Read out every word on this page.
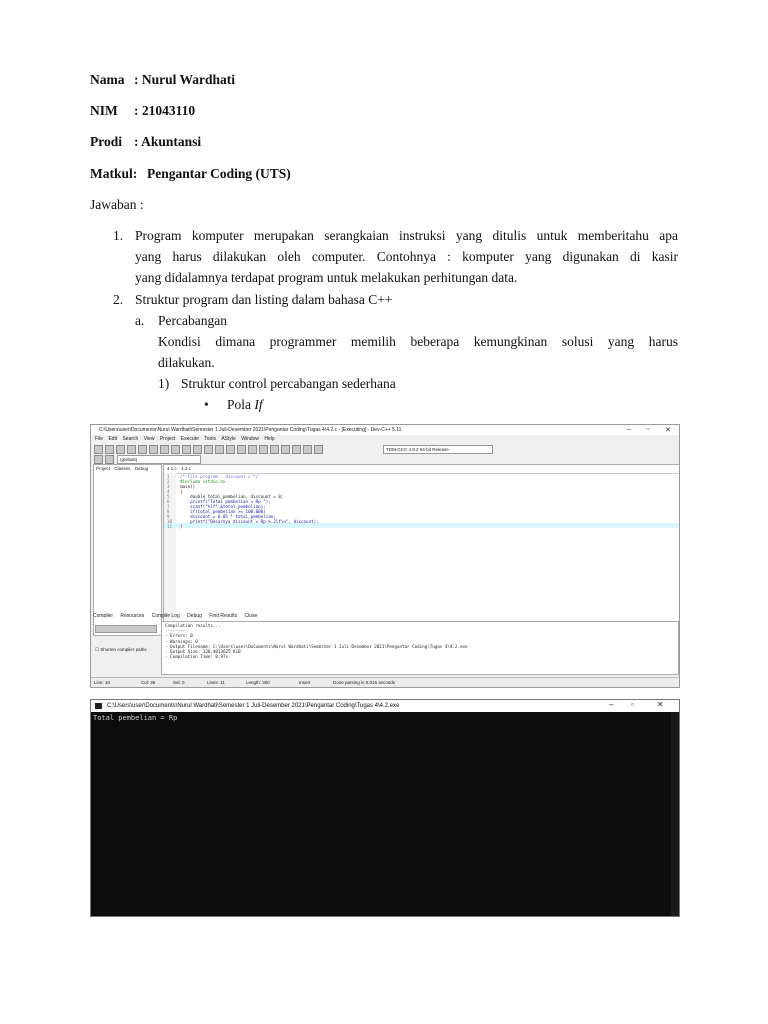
Nama : Nurul Wardhati
NIM : 21043110
Prodi : Akuntansi
Matkul: Pengantar Coding (UTS)
Jawaban :
1. Program komputer merupakan serangkaian instruksi yang ditulis untuk memberitahu apa
yang harus dilakukan oleh computer. Contohnya : komputer yang digunakan di kasir
yang didalamnya terdapat program untuk melakukan perhitungan data.
2. Struktur program dan listing dalam bahasa C++
a. Percabangan
Kondisi dimana programmer memilih beberapa kemungkinan solusi yang harus
dilakukan.
1) Struktur control percabangan sederhana
• Pola If
C:\Users\user\Documents\Nurul Wardhati\Semester 1 Juli-Desember 2021\Pengantar Coding\Tugas 4\4.2.c - [Executing] - Dev-C++ 5.11	– ▫ ✕
File Edit Search View Project Execute Tools AStyle Window Help
TDM-GCC 4.9.2 64-bit Release
(globals)
Project Classes Debug	4.1.c 4.2.c
1
2
3
4
5
6
7
8
9
10
11
/* File program : discount.c */
#include <stdio.h>
main()
{
double total_pembelian, discount = 0;
printf("Total pembelian = Rp ");
scanf("%lf",&total_pembelian);
if(total_pembelian >= 100.000)
discount = 0.05 * total_pembelian;
printf("Besarnya discount = Rp %.2lf\n", discount);
}
Compiler Resources Compile Log Debug Find Results Close
☐ Shorten compiler paths
Compilation results...
--------
- Errors: 0
- Warnings: 0
- Output Filename: C:\Users\user\Documents\Nurul Wardhati\Semester 1 Juli-Desember 2021\Pengantar Coding\Tugas 4\4.2.exe
- Output Size: 128,4013625 KiB
- Compilation Time: 0.97s
Line: 10	Col: 36	Sel: 0	Lines: 11	Length: 300	Insert	Done parsing in 0,016 seconds
C:\Users\user\Documents\Nurul Wardhati\Semester 1 Juli-Desember 2021\Pengantar Coding\Tugas 4\4.2.exe	– ▫	✕
Total pembelian = Rp
